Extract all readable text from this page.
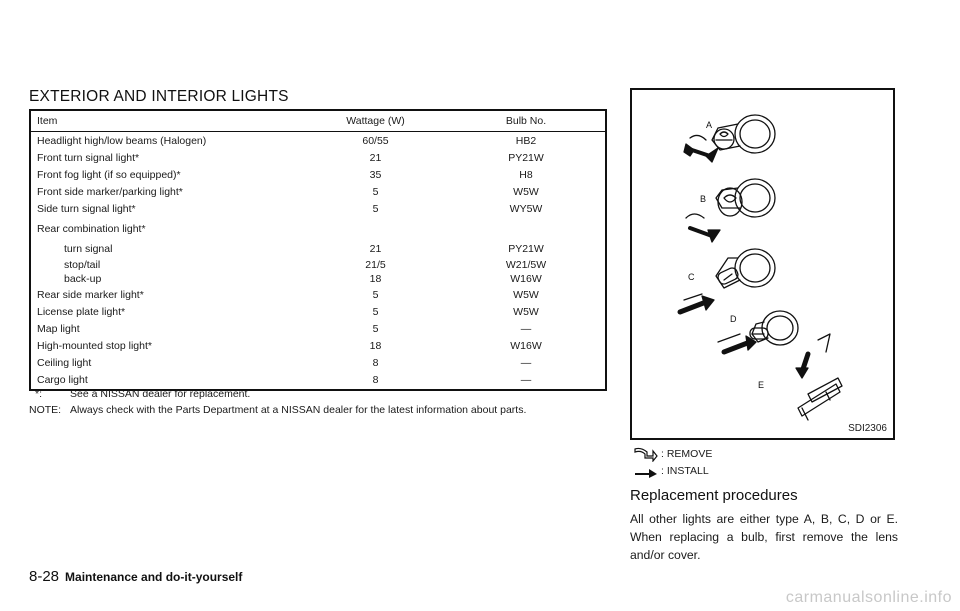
EXTERIOR AND INTERIOR LIGHTS
Item	Wattage (W)	Bulb No.
Headlight high/low beams (Halogen)	60/55	HB2
Front turn signal light*	21	PY21W
Front fog light (if so equipped)*	35	H8
Front side marker/parking light*	5	W5W
Side turn signal light*	5	WY5W
Rear combination light*
turn signal	21	PY21W
stop/tail	21/5	W21/5W
back-up	18	W16W
Rear side marker light*	5	W5W
License plate light*	5	W5W
Map light	5	—
High-mounted stop light*	18	W16W
Ceiling light	8	—
Cargo light	8	—
*:	See a NISSAN dealer for replacement.
NOTE: Always check with the Parts Department at a NISSAN dealer for the latest information about parts.
A
B
C
D
E
SDI2306
: REMOVE
: INSTALL
Replacement procedures
All other lights are either type A, B, C, D or E. When replacing a bulb, first remove the lens and/or cover.
8-28 Maintenance and do-it-yourself
carmanualsonline.info
